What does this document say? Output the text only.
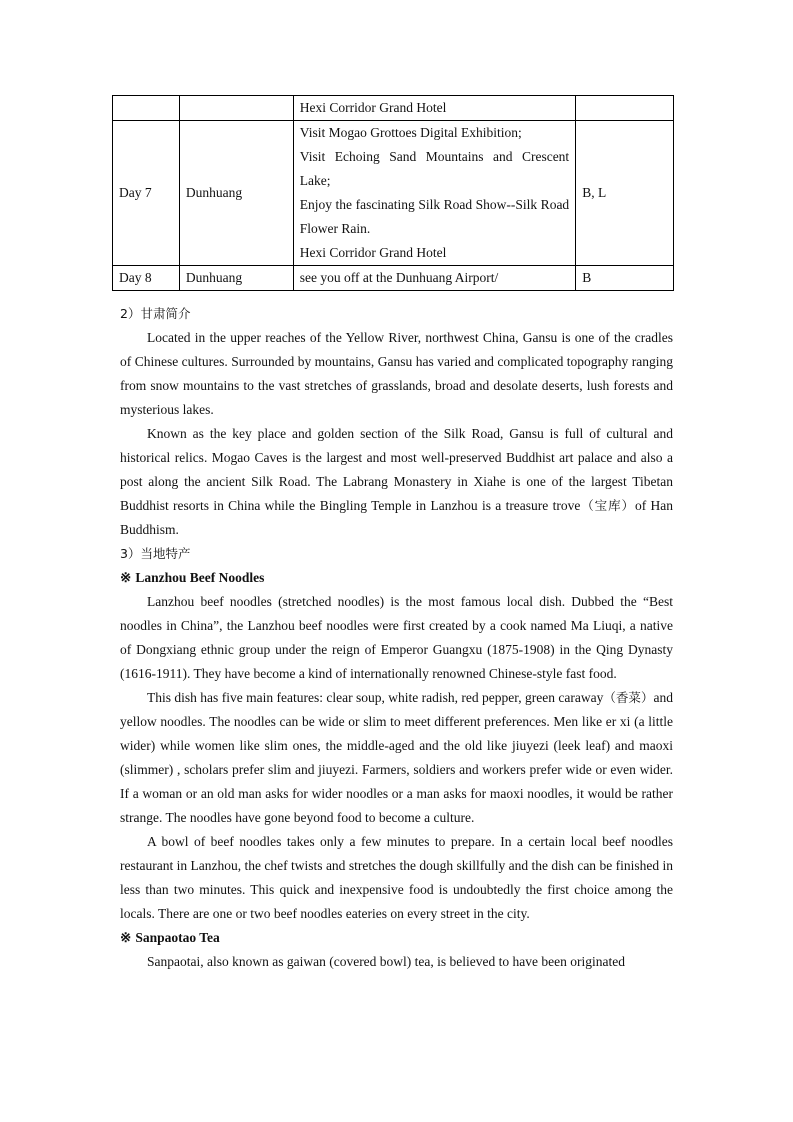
		Hexi Corridor Grand Hotel	

Day 7	Dunhuang	Visit Mogao Grottoes Digital Exhibition;
Visit Echoing Sand Mountains and Crescent Lake;
Enjoy the fascinating Silk Road Show--Silk Road Flower Rain.
Hexi Corridor Grand Hotel	B, L
Day 8	Dunhuang	see you off at the Dunhuang Airport/	B

2）甘肃简介

Located in the upper reaches of the Yellow River, northwest China, Gansu is one of the cradles of Chinese cultures. Surrounded by mountains, Gansu has varied and complicated topography ranging from snow mountains to the vast stretches of grasslands, broad and desolate deserts, lush forests and mysterious lakes.

Known as the key place and golden section of the Silk Road, Gansu is full of cultural and historical relics. Mogao Caves is the largest and most well-preserved Buddhist art palace and also a post along the ancient Silk Road. The Labrang Monastery in Xiahe is one of the largest Tibetan Buddhist resorts in China while the Bingling Temple in Lanzhou is a treasure trove（宝库）of Han Buddhism.

3）当地特产

※ Lanzhou Beef Noodles

Lanzhou beef noodles (stretched noodles) is the most famous local dish. Dubbed the “Best noodles in China”, the Lanzhou beef noodles were first created by a cook named Ma Liuqi, a native of Dongxiang ethnic group under the reign of Emperor Guangxu (1875-1908) in the Qing Dynasty (1616-1911). They have become a kind of internationally renowned Chinese-style fast food.

This dish has five main features: clear soup, white radish, red pepper, green caraway（香菜）and yellow noodles. The noodles can be wide or slim to meet different preferences. Men like er xi (a little wider) while women like slim ones, the middle-aged and the old like jiuyezi (leek leaf) and maoxi (slimmer) , scholars prefer slim and jiuyezi. Farmers, soldiers and workers prefer wide or even wider. If a woman or an old man asks for wider noodles or a man asks for maoxi noodles, it would be rather strange. The noodles have gone beyond food to become a culture.

A bowl of beef noodles takes only a few minutes to prepare. In a certain local beef noodles restaurant in Lanzhou, the chef twists and stretches the dough skillfully and the dish can be finished in less than two minutes. This quick and inexpensive food is undoubtedly the first choice among the locals. There are one or two beef noodles eateries on every street in the city.

※ Sanpaotao Tea

Sanpaotai, also known as gaiwan (covered bowl) tea, is believed to have been originated
